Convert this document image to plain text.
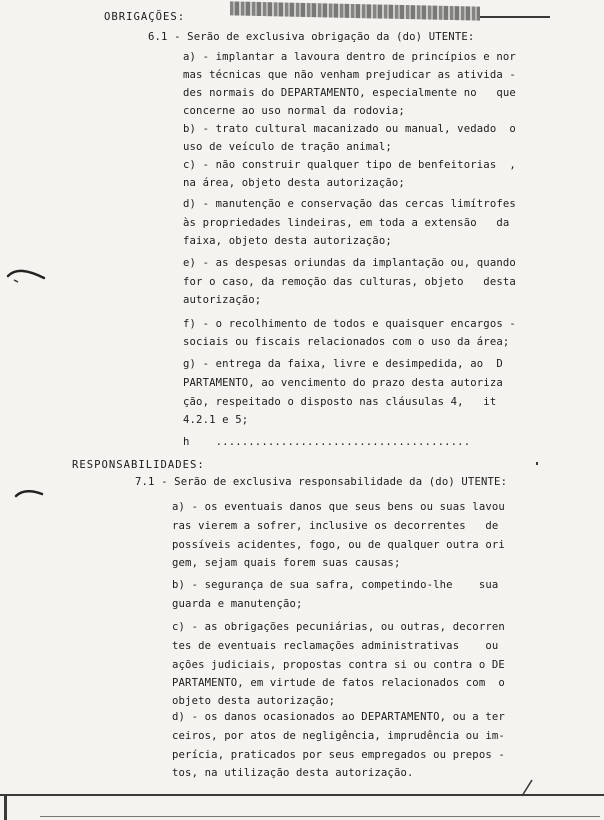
OBRIGAÇÕES:
6.1 - Serão de exclusiva obrigação da (do) UTENTE:
a) - implantar a lavoura dentro de princípios e nor
mas técnicas que não venham prejudicar as ativida -
des normais do DEPARTAMENTO, especialmente no   que
concerne ao uso normal da rodovia;
b) - trato cultural macanizado ou manual, vedado  o
uso de veículo de tração animal;
c) - não construir qualquer tipo de benfeitorias  ,
na área, objeto desta autorização;
d) - manutenção e conservação das cercas limítrofes
às propriedades lindeiras, em toda a extensão   da
faixa, objeto desta autorização;
e) - as despesas oriundas da implantação ou, quando
for o caso, da remoção das culturas, objeto   desta
autorização;
f) - o recolhimento de todos e quaisquer encargos -
sociais ou fiscais relacionados com o uso da área;
g) - entrega da faixa, livre e desimpedida, ao  D
PARTAMENTO, ao vencimento do prazo desta autoriza
ção, respeitado o disposto nas cláusulas 4,   it
4.2.1 e 5;
h    .......................................
RESPONSABILIDADES:
7.1 - Serão de exclusiva responsabilidade da (do) UTENTE:
a) - os eventuais danos que seus bens ou suas lavou
ras vierem a sofrer, inclusive os decorrentes   de
possíveis acidentes, fogo, ou de qualquer outra ori
gem, sejam quais forem suas causas;
b) - segurança de sua safra, competindo-lhe    sua
guarda e manutenção;
c) - as obrigações pecuniárias, ou outras, decorren
tes de eventuais reclamações administrativas    ou
ações judiciais, propostas contra si ou contra o DE
PARTAMENTO, em virtude de fatos relacionados com  o
objeto desta autorização;
d) - os danos ocasionados ao DEPARTAMENTO, ou a ter
ceiros, por atos de negligência, imprudência ou im-
perícia, praticados por seus empregados ou prepos -
tos, na utilização desta autorização.
